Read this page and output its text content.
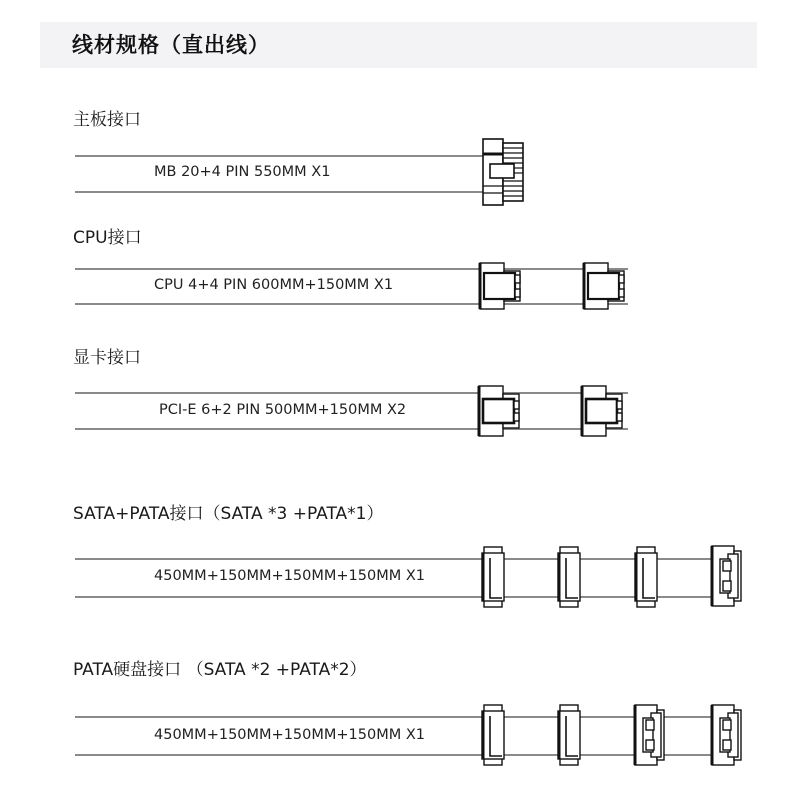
线材规格（直出线）
主板接口
MB 20+4 PIN 550MM X1
CPU接口
CPU 4+4 PIN 600MM+150MM X1
显卡接口
PCI-E 6+2 PIN 500MM+150MM X2
SATA+PATA接口（SATA *3 +PATA*1）
450MM+150MM+150MM+150MM X1
PATA硬盘接口 （SATA *2 +PATA*2）
450MM+150MM+150MM+150MM X1
